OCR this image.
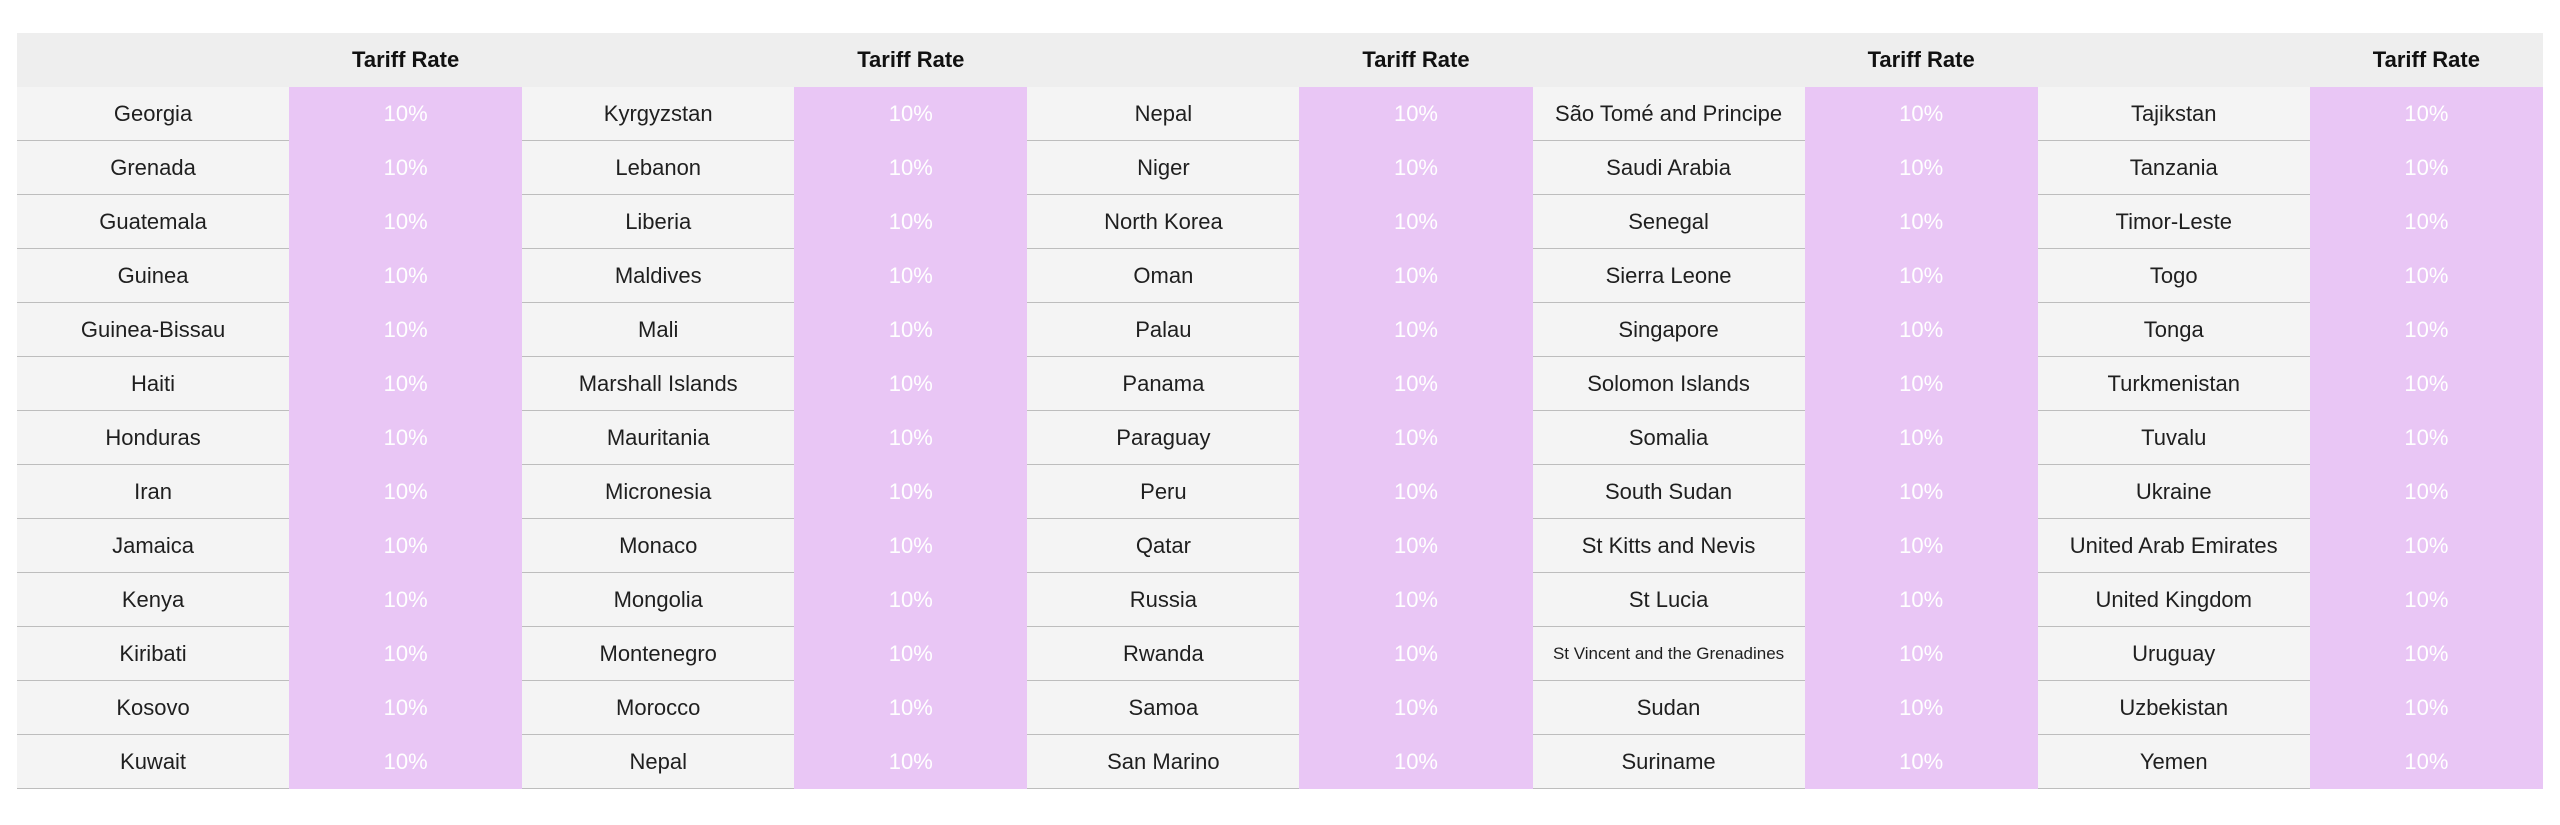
	Tariff Rate		Tariff Rate		Tariff Rate		Tariff Rate		Tariff Rate
Georgia	10%	Kyrgyzstan	10%	Nepal	10%	São Tomé and Principe	10%	Tajikstan	10%
Grenada	10%	Lebanon	10%	Niger	10%	Saudi Arabia	10%	Tanzania	10%
Guatemala	10%	Liberia	10%	North Korea	10%	Senegal	10%	Timor-Leste	10%
Guinea	10%	Maldives	10%	Oman	10%	Sierra Leone	10%	Togo	10%
Guinea-Bissau	10%	Mali	10%	Palau	10%	Singapore	10%	Tonga	10%
Haiti	10%	Marshall Islands	10%	Panama	10%	Solomon Islands	10%	Turkmenistan	10%
Honduras	10%	Mauritania	10%	Paraguay	10%	Somalia	10%	Tuvalu	10%
Iran	10%	Micronesia	10%	Peru	10%	South Sudan	10%	Ukraine	10%
Jamaica	10%	Monaco	10%	Qatar	10%	St Kitts and Nevis	10%	United Arab Emirates	10%
Kenya	10%	Mongolia	10%	Russia	10%	St Lucia	10%	United Kingdom	10%
Kiribati	10%	Montenegro	10%	Rwanda	10%	St Vincent and the Grenadines	10%	Uruguay	10%
Kosovo	10%	Morocco	10%	Samoa	10%	Sudan	10%	Uzbekistan	10%
Kuwait	10%	Nepal	10%	San Marino	10%	Suriname	10%	Yemen	10%
